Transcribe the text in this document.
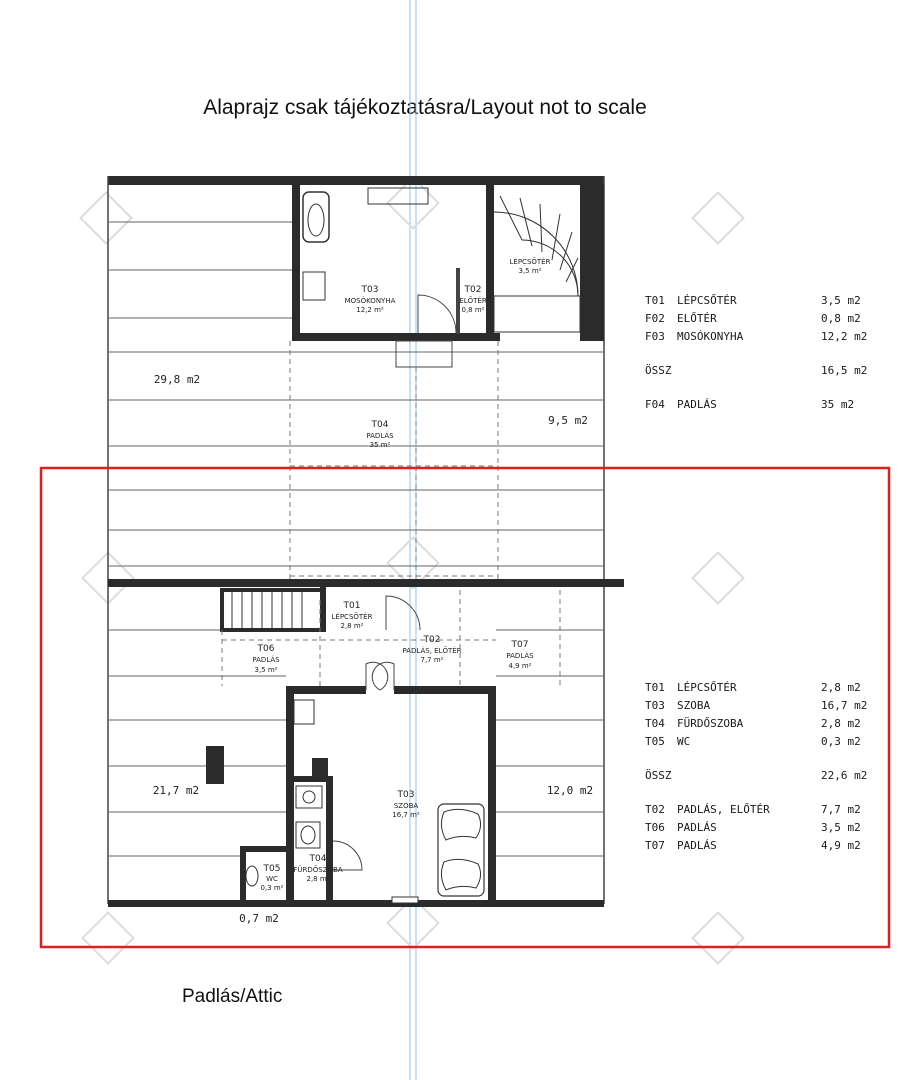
Alaprajz csak tájékoztatásra/Layout not to scale
T03
MOSÓKONYHA
12,2 m²
T02
ELŐTÉR
0,8 m²
LÉPCSŐTÉR
3,5 m²
T04
PADLÁS
35 m²
29,8 m2
9,5 m2
T01
LÉPCSŐTÉR
2,8 m²
T02
PADLÁS, ELŐTÉR
7,7 m²
T06
PADLÁS
3,5 m²
T07
PADLÁS
4,9 m²
T03
SZOBA
16,7 m²
T04
FÜRDŐSZOBA
2,8 m²
T05
WC
0,3 m²
21,7 m2	12,0 m2
0,7 m2
T01 LÉPCSŐTÉR	3,5 m2
F02 ELŐTÉR	0,8 m2
F03 MOSÓKONYHA	12,2 m2
ÖSSZ	16,5 m2
F04 PADLÁS	35 m2
T01 LÉPCSŐTÉR	2,8 m2
T03 SZOBA	16,7 m2
T04 FÜRDŐSZOBA	2,8 m2
T05 WC	0,3 m2
ÖSSZ	22,6 m2
T02 PADLÁS, ELŐTÉR	7,7 m2
T06 PADLÁS	3,5 m2
T07 PADLÁS	4,9 m2
Padlás/Attic
